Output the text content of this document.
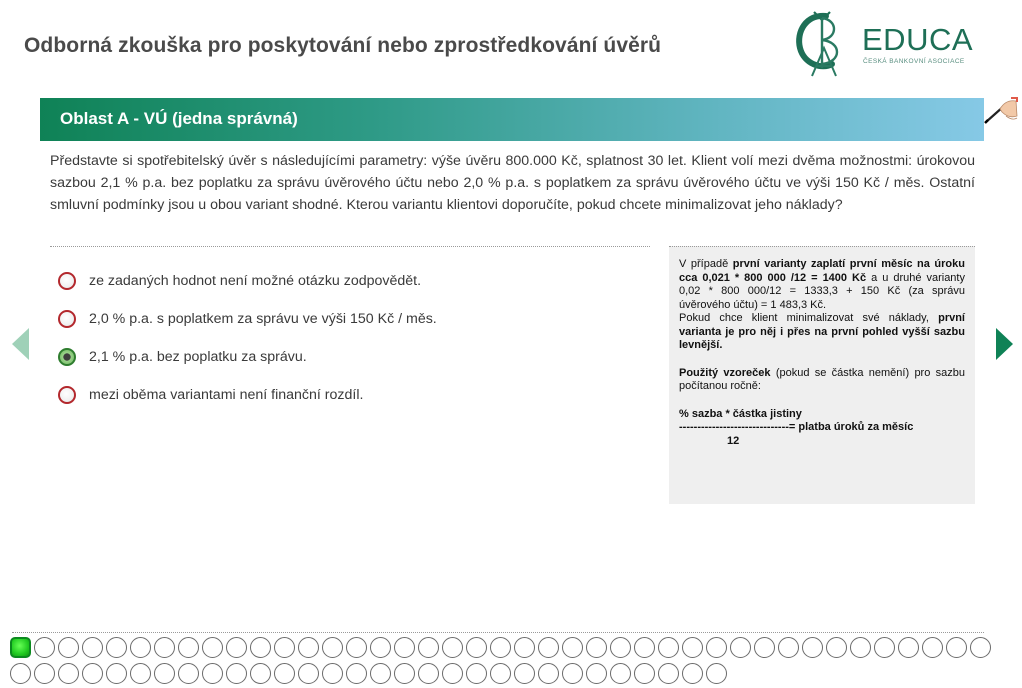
Odborná zkouška pro poskytování nebo zprostředkování úvěrů	EDUCA
ČESKÁ BANKOVNÍ ASOCIACE
Oblast A - VÚ (jedna správná)

Představte si spotřebitelský úvěr s následujícími parametry: výše úvěru 800.000 Kč, splatnost 30 let. Klient volí mezi dvěma možnostmi: úrokovou sazbou 2,1 % p.a. bez poplatku za správu úvěrového účtu nebo 2,0 % p.a. s poplatkem za správu úvěrového účtu ve výši 150 Kč / měs. Ostatní smluvní podmínky jsou u obou variant shodné. Kterou variantu klientovi doporučíte, pokud chcete minimalizovat jeho náklady?

ze zadaných hodnot není možné otázku zodpovědět.
2,0 % p.a. s poplatkem za správu ve výši 150 Kč / měs.
2,1 % p.a. bez poplatku za správu.
mezi oběma variantami není finanční rozdíl.

V případě první varianty zaplatí první měsíc na úroku cca 0,021 * 800 000 /12 = 1400 Kč a u druhé varianty 0,02 * 800 000/12 = 1333,3 + 150 Kč (za správu úvěrového účtu) = 1 483,3 Kč.

Pokud chce klient minimalizovat své náklady, první varianta je pro něj i přes na první pohled vyšší sazbu levnější.

Použitý vzoreček (pokud se částka nemění) pro sazbu počítanou ročně:

% sazba * částka jistiny
------------------------------ = platba úroků za měsíc
12
